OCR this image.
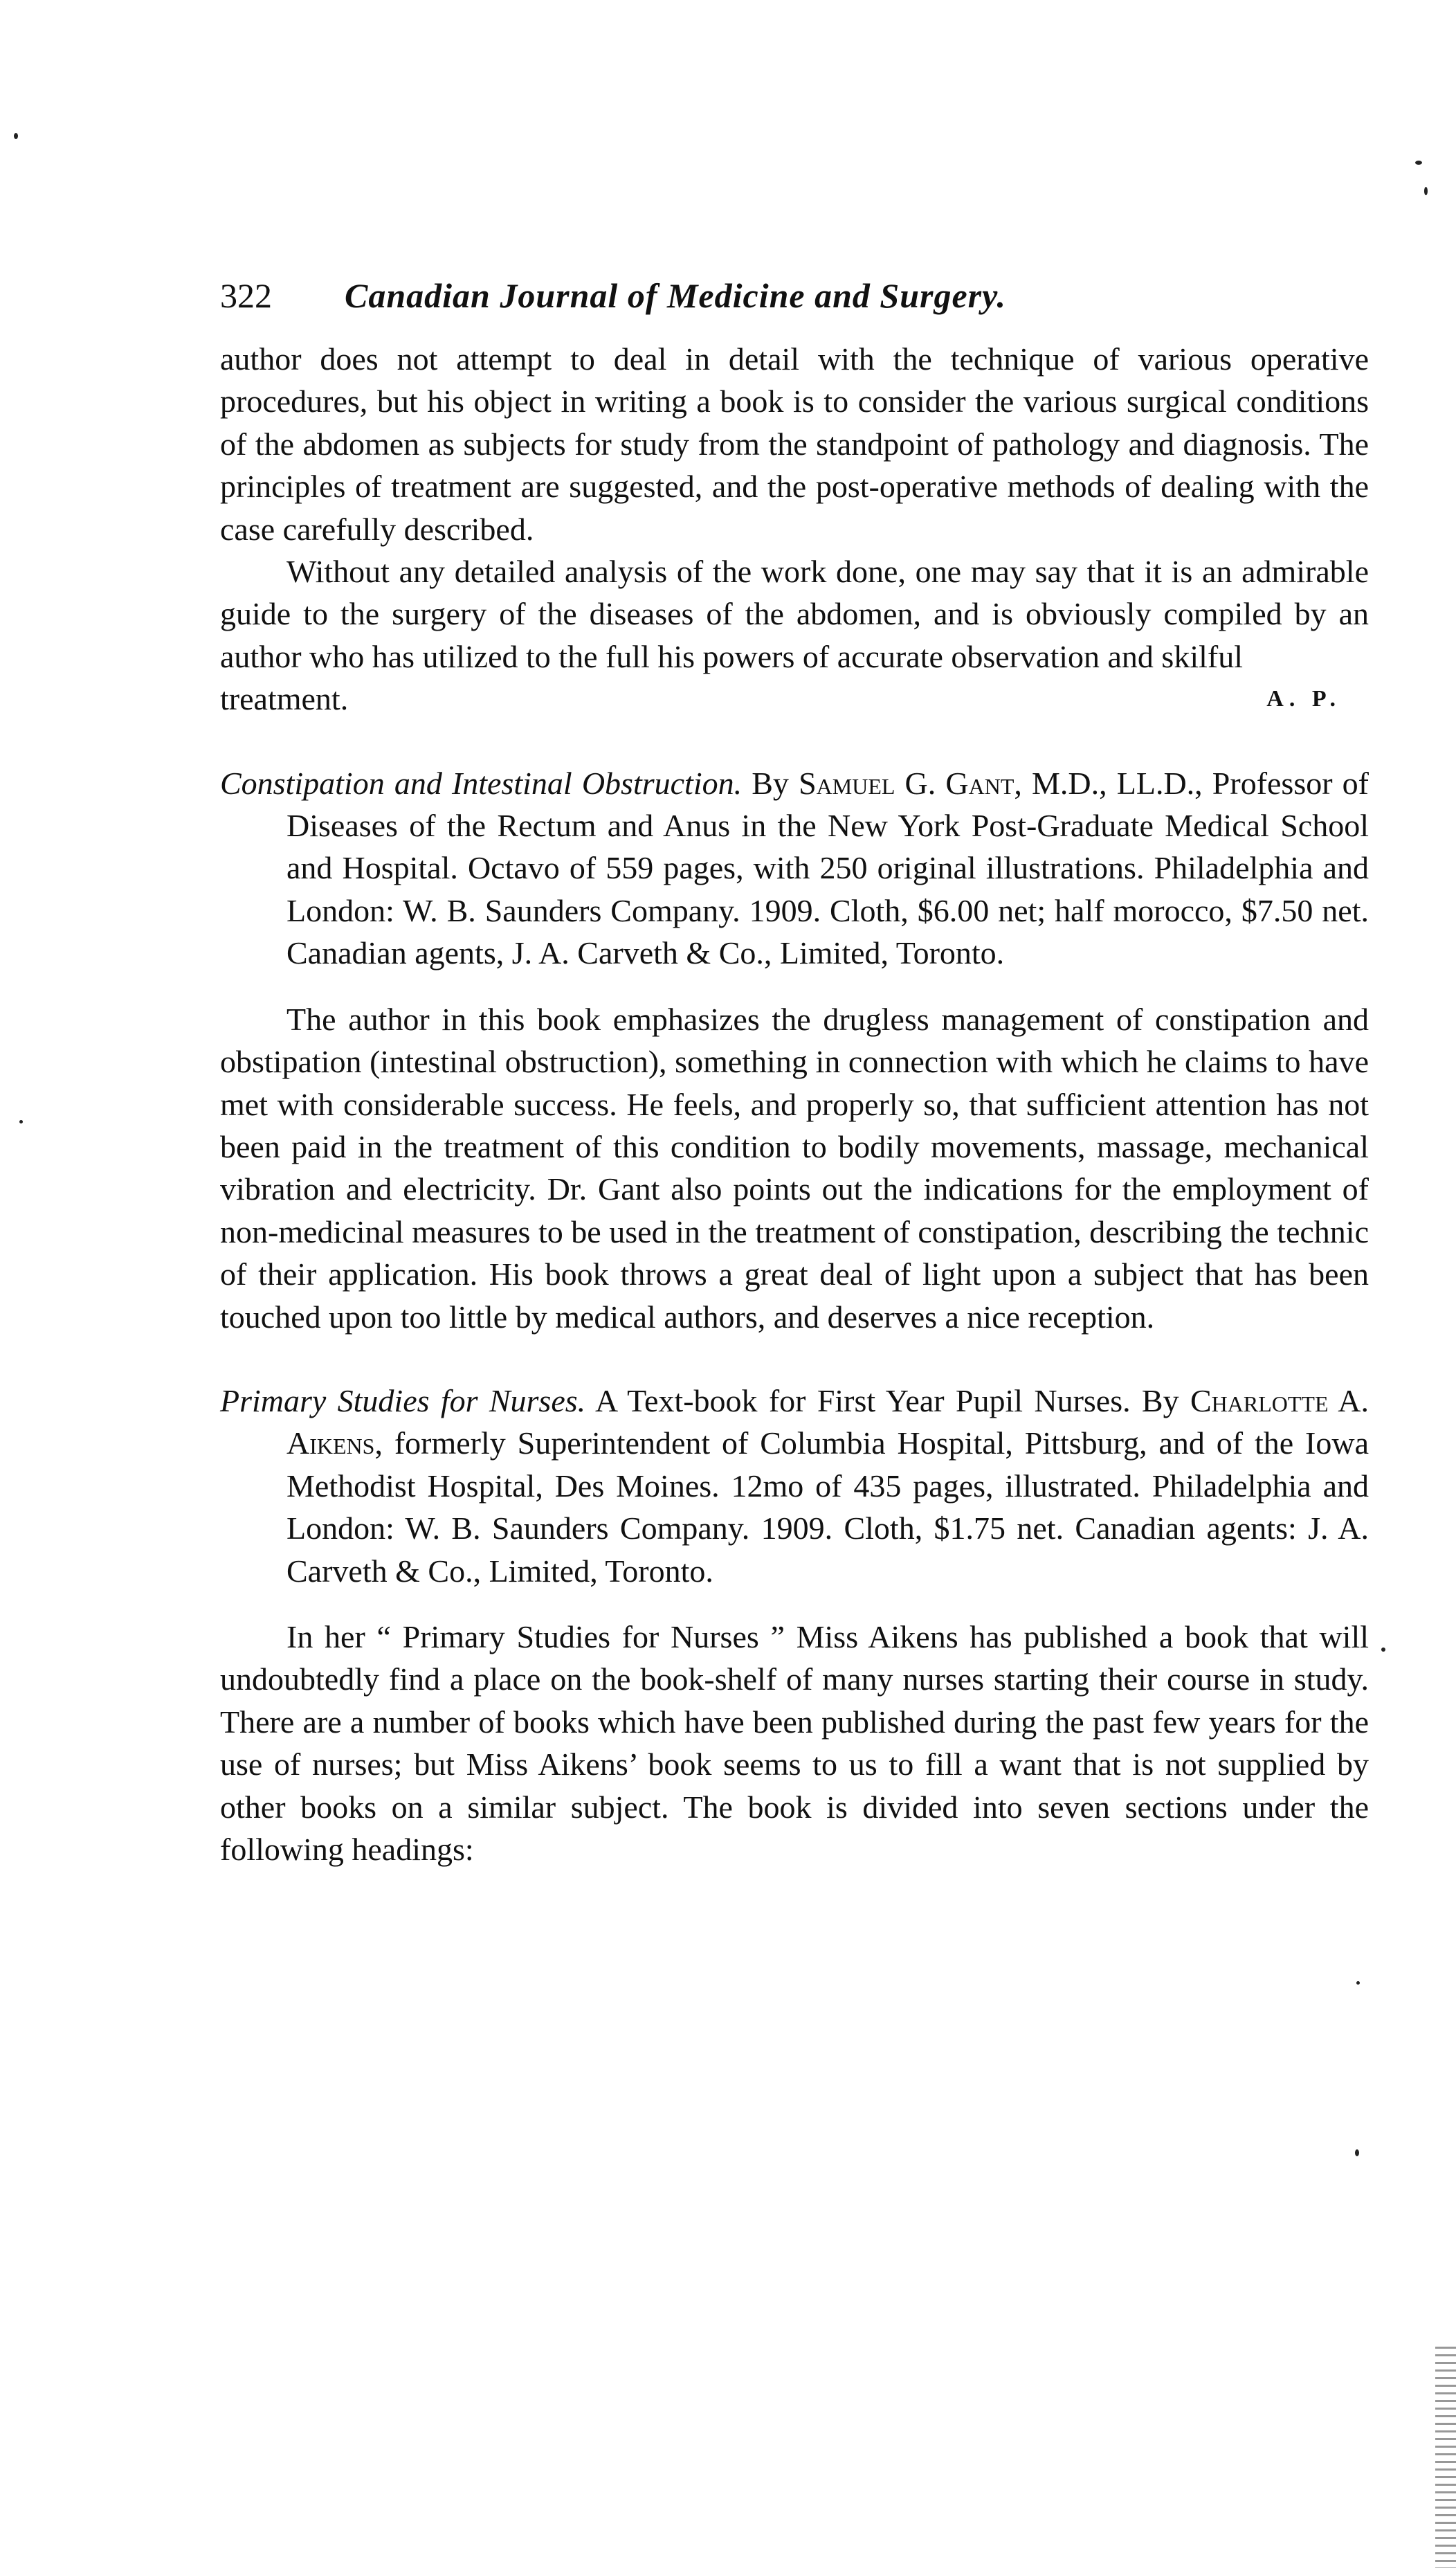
322	Canadian Journal of Medicine and Surgery.

author does not attempt to deal in detail with the technique of various operative procedures, but his object in writing a book is to consider the various surgical conditions of the abdomen as subjects for study from the standpoint of pathology and diagnosis. The principles of treatment are suggested, and the post-operative methods of dealing with the case carefully described.

Without any detailed analysis of the work done, one may say that it is an admirable guide to the surgery of the diseases of the abdomen, and is obviously compiled by an author who has utilized to the full his powers of accurate observation and skilful

treatment.	A. P.

Constipation and Intestinal Obstruction. By Samuel G. Gant, M.D., LL.D., Professor of Diseases of the Rectum and Anus in the New York Post-Graduate Medical School and Hospital. Octavo of 559 pages, with 250 original illustrations. Philadelphia and London: W. B. Saunders Company. 1909. Cloth, $6.00 net; half morocco, $7.50 net. Canadian agents, J. A. Carveth & Co., Limited, Toronto.

The author in this book emphasizes the drugless management of constipation and obstipation (intestinal obstruction), something in connection with which he claims to have met with considerable success. He feels, and properly so, that sufficient attention has not been paid in the treatment of this condition to bodily movements, massage, mechanical vibration and electricity. Dr. Gant also points out the indications for the employment of non-medicinal measures to be used in the treatment of constipation, describing the technic of their application. His book throws a great deal of light upon a subject that has been touched upon too little by medical authors, and deserves a nice reception.

Primary Studies for Nurses. A Text-book for First Year Pupil Nurses. By Charlotte A. Aikens, formerly Superintendent of Columbia Hospital, Pittsburg, and of the Iowa Methodist Hospital, Des Moines. 12mo of 435 pages, illustrated. Philadelphia and London: W. B. Saunders Company. 1909. Cloth, $1.75 net. Canadian agents: J. A. Carveth & Co., Limited, Toronto.

In her “ Primary Studies for Nurses ” Miss Aikens has published a book that will undoubtedly find a place on the book-shelf of many nurses starting their course in study. There are a number of books which have been published during the past few years for the use of nurses; but Miss Aikens’ book seems to us to fill a want that is not supplied by other books on a similar subject. The book is divided into seven sections under the following headings:
